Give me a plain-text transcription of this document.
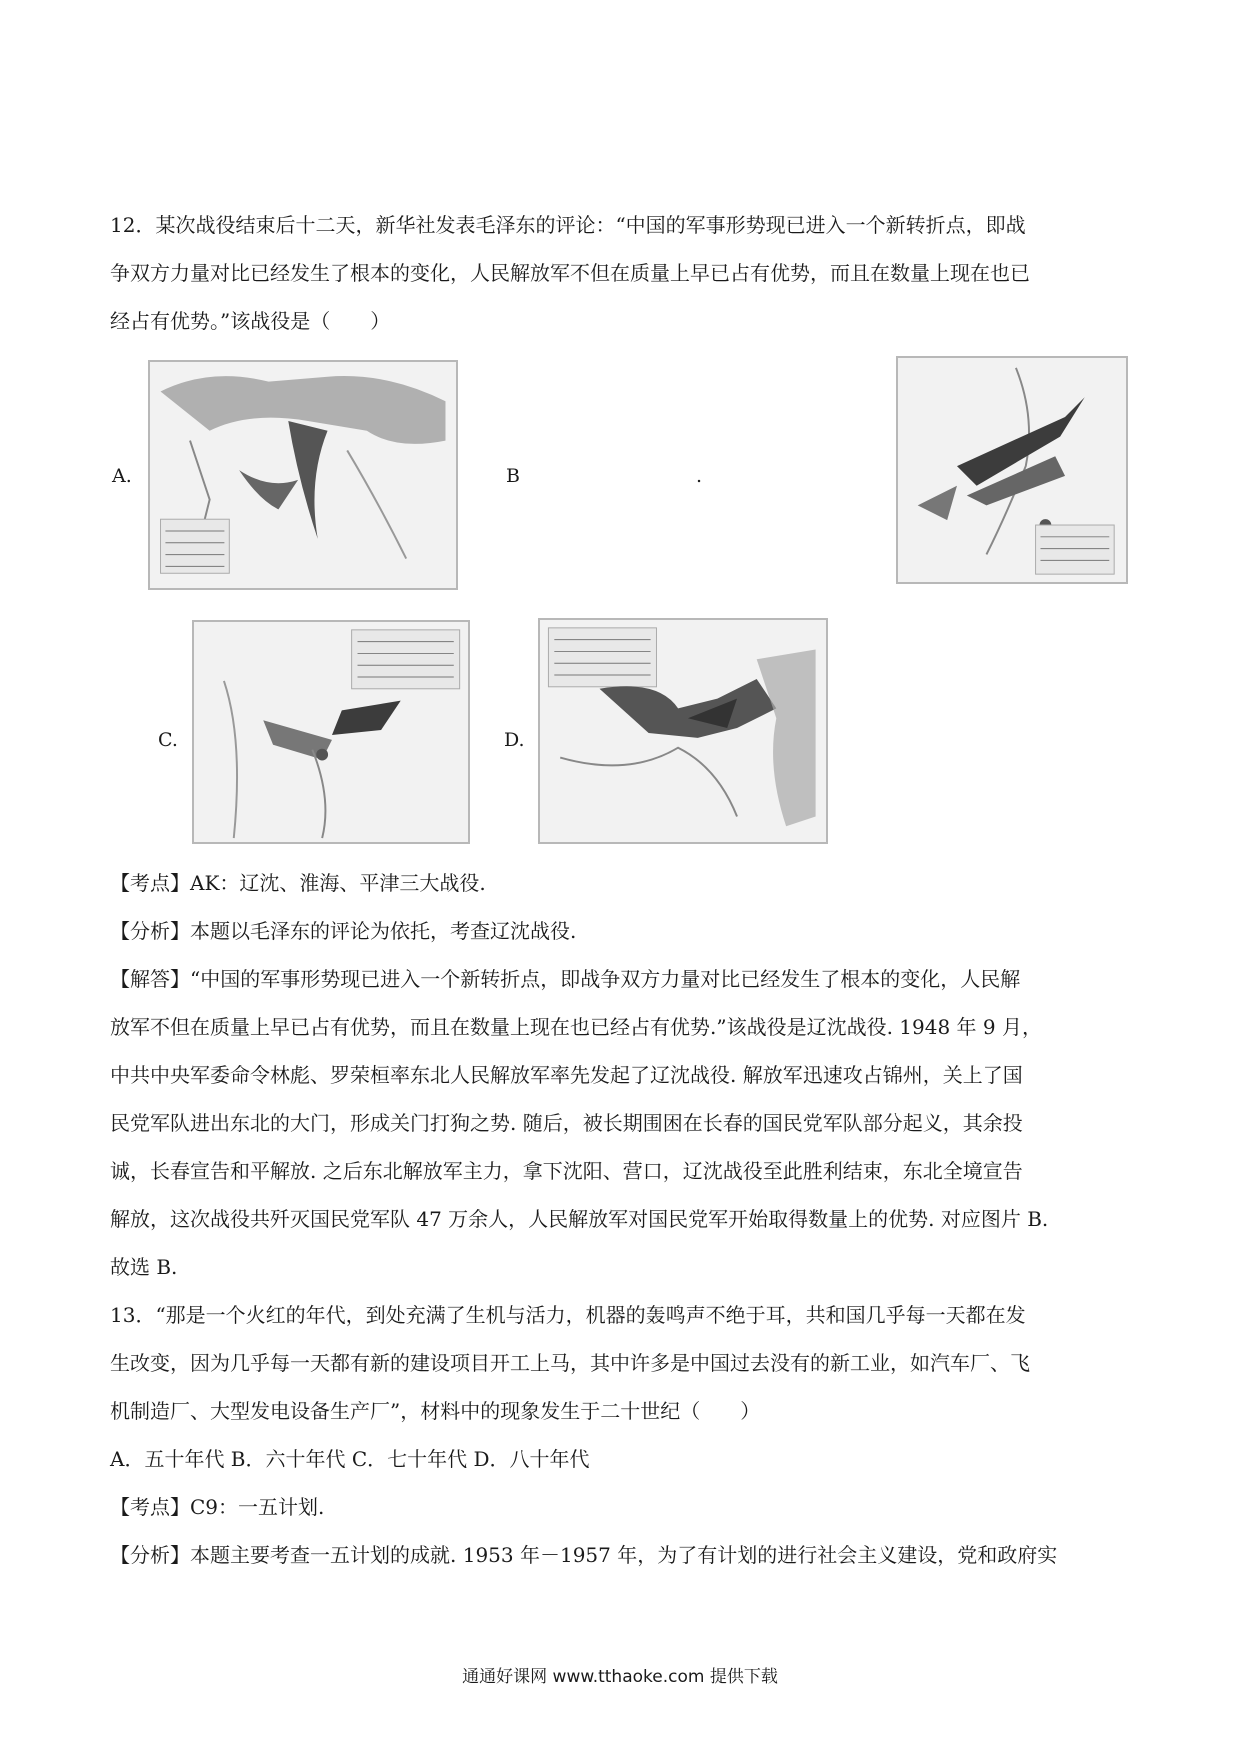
12．某次战役结束后十二天，新华社发表毛泽东的评论：“中国的军事形势现已进入一个新转折点，即战
争双方力量对比已经发生了根本的变化，人民解放军不但在质量上早已占有优势，而且在数量上现在也已
经占有优势。”该战役是（　　）
A.	B	.
C.	D.
【考点】AK：辽沈、淮海、平津三大战役.
【分析】本题以毛泽东的评论为依托，考查辽沈战役.
【解答】“中国的军事形势现已进入一个新转折点，即战争双方力量对比已经发生了根本的变化，人民解
放军不但在质量上早已占有优势，而且在数量上现在也已经占有优势.”该战役是辽沈战役. 1948 年 9 月，
中共中央军委命令林彪、罗荣桓率东北人民解放军率先发起了辽沈战役. 解放军迅速攻占锦州，关上了国
民党军队进出东北的大门，形成关门打狗之势. 随后，被长期围困在长春的国民党军队部分起义，其余投
诚，长春宣告和平解放. 之后东北解放军主力，拿下沈阳、营口，辽沈战役至此胜利结束，东北全境宣告
解放，这次战役共歼灭国民党军队 47 万余人，人民解放军对国民党军开始取得数量上的优势. 对应图片 B.
故选 B.
13．“那是一个火红的年代，到处充满了生机与活力，机器的轰鸣声不绝于耳，共和国几乎每一天都在发
生改变，因为几乎每一天都有新的建设项目开工上马，其中许多是中国过去没有的新工业，如汽车厂、飞
机制造厂、大型发电设备生产厂”，材料中的现象发生于二十世纪（　　）
A．五十年代 B．六十年代 C．七十年代 D．八十年代
【考点】C9：一五计划.
【分析】本题主要考查一五计划的成就. 1953 年－1957 年，为了有计划的进行社会主义建设，党和政府实
通通好课网 www.tthaoke.com 提供下载
